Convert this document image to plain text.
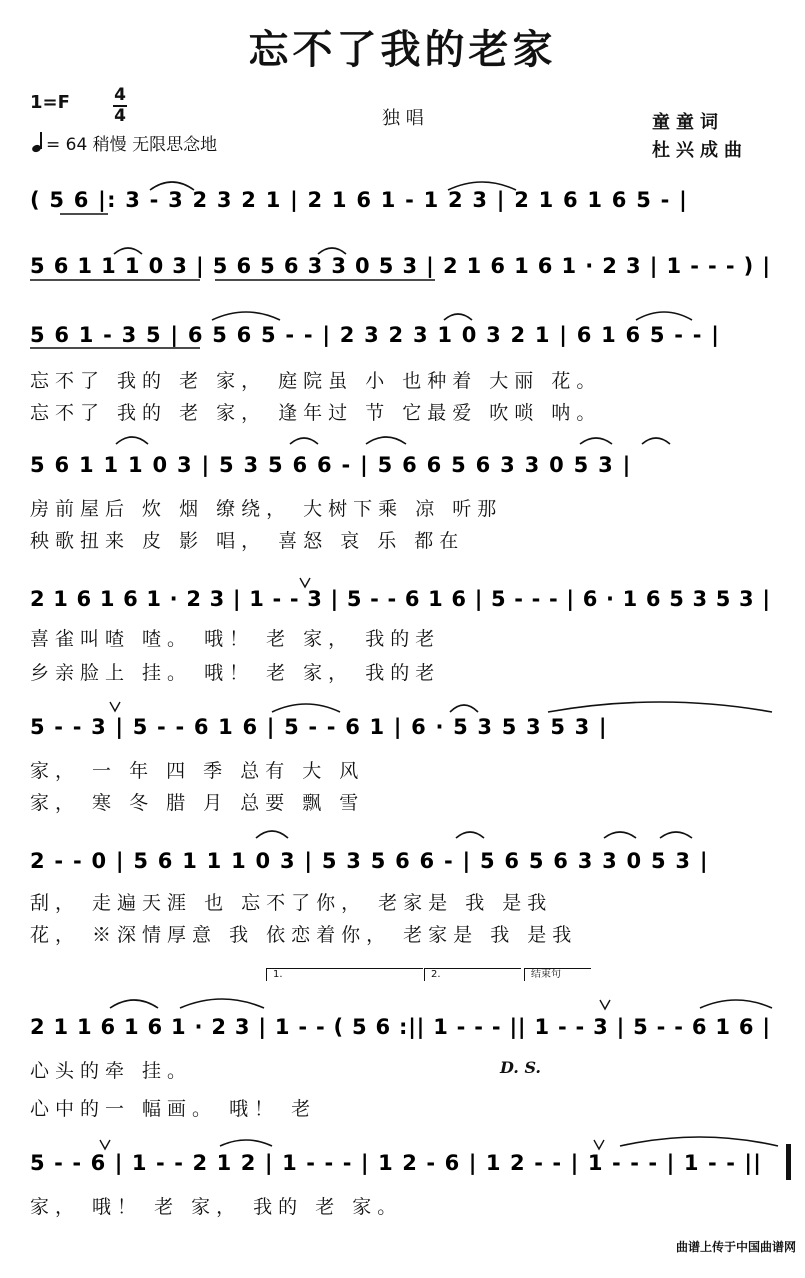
忘不了我的老家
1=F	4
4
= 64 稍慢 无限思念地
独 唱	童童词
杜兴成曲
( 5 6 |: 3 - 3 2 3 2 1 | 2 1 6 1 - 1 2 3 | 2 1 6 1 6 5 - |
5 6 1 1 1 0 3 | 5 6 5 6 3 3 0 5 3 | 2 1 6 1 6 1 · 2 3 | 1 - - - ) |
5 6 1 - 3 5 | 6 5 6 5 - - | 2 3 2 3 1 0 3 2 1 | 6 1 6 5 - - |
忘不了 我的 老 家， 庭院虽 小 也种着 大丽 花。
忘不了 我的 老 家， 逢年过 节 它最爱 吹唢 呐。
5 6 1 1 1 0 3 | 5 3 5 6 6 - | 5 6 6 5 6 3 3 0 5 3 |
房前屋后 炊 烟 缭绕， 大树下乘 凉 听那
秧歌扭来 皮 影 唱， 喜怒 哀 乐 都在
2 1 6 1 6 1 · 2 3 | 1 - - 3 | 5 - - 6 1 6 | 5 - - - | 6 · 1 6 5 3 5 3 |
喜雀叫喳 喳。 哦！ 老 家， 我的老
乡亲脸上 挂。 哦！ 老 家， 我的老
5 - - 3 | 5 - - 6 1 6 | 5 - - 6 1 | 6 · 5 3 5 3 5 3 |
家， 一 年 四 季 总有 大 风
家， 寒 冬 腊 月 总要 飘 雪
2 - - 0 | 5 6 1 1 1 0 3 | 5 3 5 6 6 - | 5 6 5 6 3 3 0 5 3 |
刮， 走遍天涯 也 忘不了你， 老家是 我 是我
花， ※深情厚意 我 依恋着你， 老家是 我 是我
1.	2.	结束句
2 1 1 6 1 6 1 · 2 3 | 1 - - ( 5 6 :|| 1 - - - || 1 - - 3 | 5 - - 6 1 6 |
心头的牵 挂。	D. S.
心中的一 幅画。 哦！ 老
5 - - 6 | 1 - - 2 1 2 | 1 - - - | 1 2 - 6 | 1 2 - - | 1 - - - | 1 - - ||
家， 哦！ 老 家， 我的 老 家。
曲谱上传于中国曲谱网
